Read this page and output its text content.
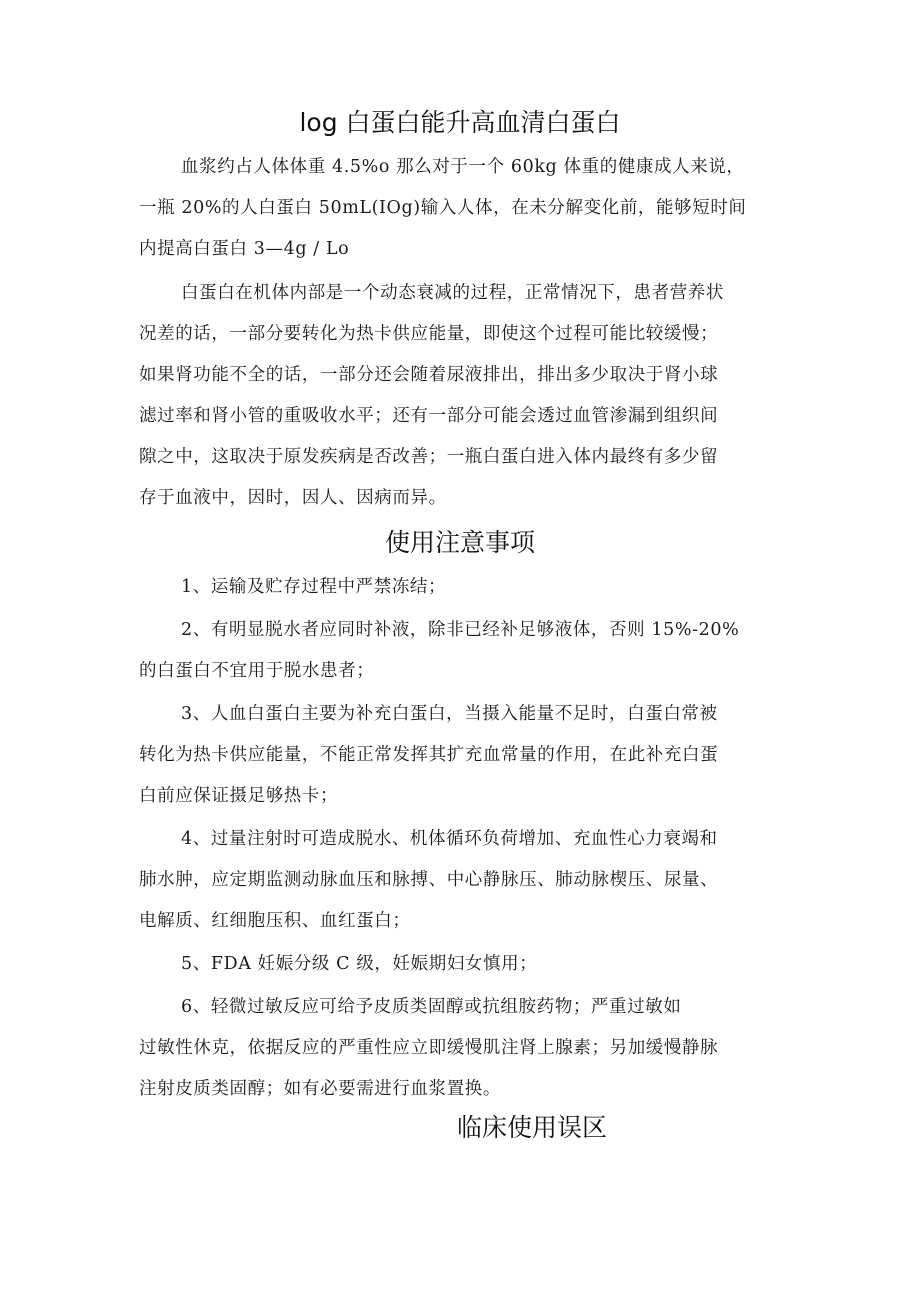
log 白蛋白能升高血清白蛋白
血浆约占人体体重 4.5%o 那么对于一个 60kg 体重的健康成人来说，
一瓶 20%的人白蛋白 50mL(IOg)输入人体，在未分解变化前，能够短时间
内提高白蛋白 3—4g / Lo
白蛋白在机体内部是一个动态衰减的过程，正常情况下，患者营养状
况差的话，一部分要转化为热卡供应能量，即使这个过程可能比较缓慢；
如果肾功能不全的话，一部分还会随着尿液排出，排出多少取决于肾小球
滤过率和肾小管的重吸收水平；还有一部分可能会透过血管渗漏到组织间
隙之中，这取决于原发疾病是否改善；一瓶白蛋白进入体内最终有多少留
存于血液中，因时，因人、因病而异。
使用注意事项
1、运输及贮存过程中严禁冻结；
2、有明显脱水者应同时补液，除非已经补足够液体，否则 15%-20%
的白蛋白不宜用于脱水患者；
3、人血白蛋白主要为补充白蛋白，当摄入能量不足时，白蛋白常被
转化为热卡供应能量，不能正常发挥其扩充血常量的作用，在此补充白蛋
白前应保证摄足够热卡；
4、过量注射时可造成脱水、机体循环负荷增加、充血性心力衰竭和
肺水肿，应定期监测动脉血压和脉搏、中心静脉压、肺动脉楔压、尿量、
电解质、红细胞压积、血红蛋白；
5、FDA 妊娠分级 C 级，妊娠期妇女慎用；
6、轻微过敏反应可给予皮质类固醇或抗组胺药物；严重过敏如
过敏性休克，依据反应的严重性应立即缓慢肌注肾上腺素；另加缓慢静脉
注射皮质类固醇；如有必要需进行血浆置换。
临床使用误区
